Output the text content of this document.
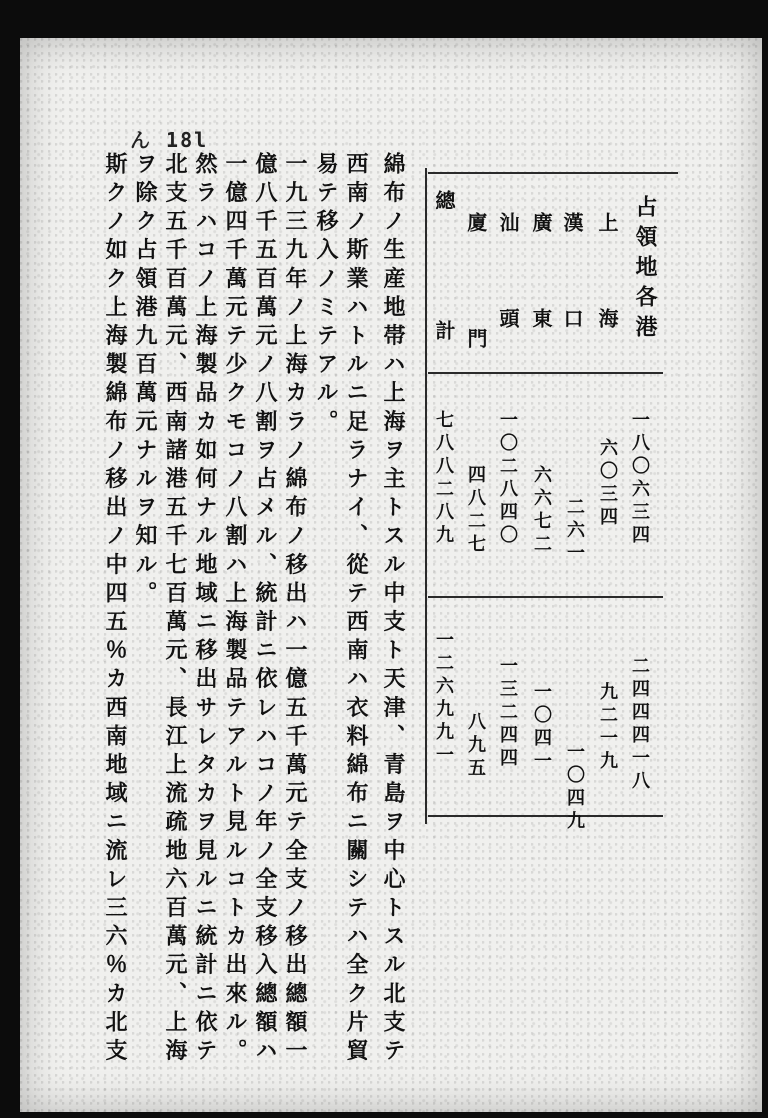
ん 18l
綿布ノ生産地帯ハ上海ヲ主トスル中支ト天津、青島ヲ中心トスル北支テ
西南ノ斯業ハトルニ足ラナイ、從テ西南ハ衣料綿布ニ關シテハ全ク片貿
易テ移入ノミテアル。
一九三九年ノ上海カラノ綿布ノ移出ハ一億五千萬元テ全支ノ移出總額一
億八千五百萬元ノ八割ヲ占メル、統計ニ依レハコノ年ノ全支移入總額ハ
一億四千萬元テ少クモコノ八割ハ上海製品テアルト見ルコトカ出來ル。
然ラハコノ上海製品カ如何ナル地域ニ移出サレタカヲ見ルニ統計ニ依テ
北支五千百萬元、西南諸港五千七百萬元、長江上流疏地六百萬元、上海
ヲ除ク占領港九百萬元ナルヲ知ル。
斯クノ如ク上海製綿布ノ移出ノ中四五％カ西南地域ニ流レ三六％カ北支	占領地各港
上海
漢口
廣東
汕頭
門
廈
總計
一八〇六三四
六〇三四
二六一
六六七二
一〇二八四〇
四八二七
七八八二八九
二四四四一八
九二一九
一〇四九
一〇四一
一三二四四
八九五
一二六九九一
